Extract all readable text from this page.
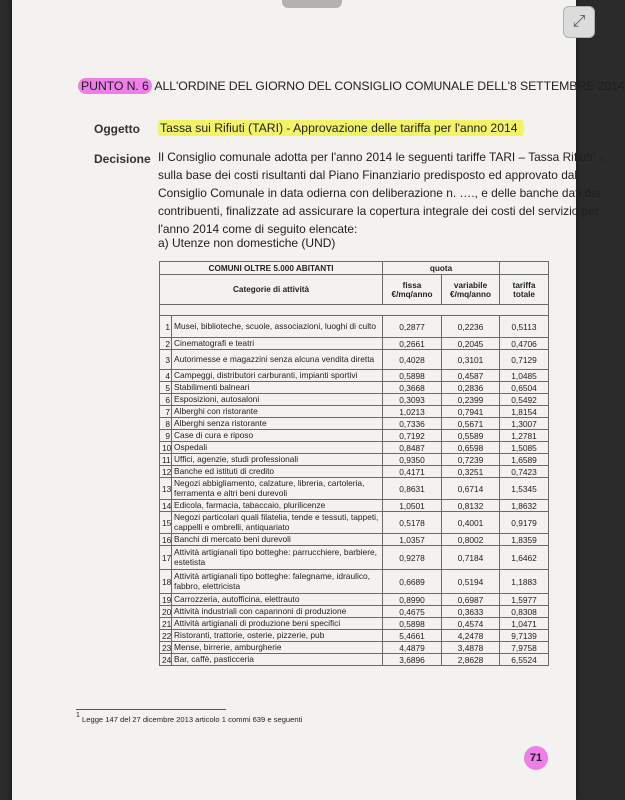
PUNTO N. 6 ALL'ORDINE DEL GIORNO DEL CONSIGLIO COMUNALE DELL'8 SETTEMBRE 2014
Oggetto Tassa sui Rifiuti (TARI) - Approvazione delle tariffa per l'anno 2014
Decisione Il Consiglio comunale adotta per l'anno 2014 le seguenti tariffe TARI – Tassa Rifiuti$^1$ -,
sulla base dei costi risultanti dal Piano Finanziario predisposto ed approvato dal
Consiglio Comunale in data odierna con deliberazione n. …., e delle banche dati dei
contribuenti, finalizzate ad assicurare la copertura integrale dei costi del servizio per
l'anno 2014 come di seguito elencate:
a) Utenze non domestiche (UND)
COMUNI OLTRE 5.000 ABITANTI		quota		
Categorie di attività		fissa €/mq/anno	variabile €/mq/anno	tariffa totale

1	Musei, biblioteche, scuole, associazioni, luoghi di culto	0,2877	0,2236	0,5113
2	Cinematografi e teatri	0,2661	0,2045	0,4706
3	Autorimesse e magazzini senza alcuna vendita diretta	0,4028	0,3101	0,7129
4	Campeggi, distributori carburanti, impianti sportivi	0,5898	0,4587	1,0485
5	Stabilimenti balneari	0,3668	0,2836	0,6504
6	Esposizioni, autosaloni	0,3093	0,2399	0,5492
7	Alberghi con ristorante	1,0213	0,7941	1,8154
8	Alberghi senza ristorante	0,7336	0,5671	1,3007
9	Case di cura e riposo	0,7192	0,5589	1,2781
10	Ospedali	0,8487	0,6598	1,5085
11	Uffici, agenzie, studi professionali	0,9350	0,7239	1,6589
12	Banche ed istituti di credito	0,4171	0,3251	0,7423
13	Negozi abbigliamento, calzature, libreria, cartoleria, ferramenta e altri beni durevoli	0,8631	0,6714	1,5345
14	Edicola, farmacia, tabaccaio, plurilicenze	1,0501	0,8132	1,8632
15	Negozi particolari quali filatelia, tende e tessuti, tappeti, cappelli e ombrelli, antiquariato	0,5178	0,4001	0,9179
16	Banchi di mercato beni durevoli	1,0357	0,8002	1,8359
17	Attività artigianali tipo botteghe: parrucchiere, barbiere, estetista	0,9278	0,7184	1,6462
18	Attività artigianali tipo botteghe: falegname, idraulico, fabbro, elettricista	0,6689	0,5194	1,1883
19	Carrozzeria, autofficina, elettrauto	0,8990	0,6987	1,5977
20	Attività industriali con capannoni di produzione	0,4675	0,3633	0,8308
21	Attività artigianali di produzione beni specifici	0,5898	0,4574	1,0471
22	Ristoranti, trattorie, osterie, pizzerie, pub	5,4661	4,2478	9,7139
23	Mense, birrerie, amburgherie	4,4879	3,4878	7,9758
24	Bar, caffè, pasticceria	3,6896	2,8628	6,5524
$^1$ Legge 147 del 27 dicembre 2013 articolo 1 commi 639 e seguenti
71
⤢
